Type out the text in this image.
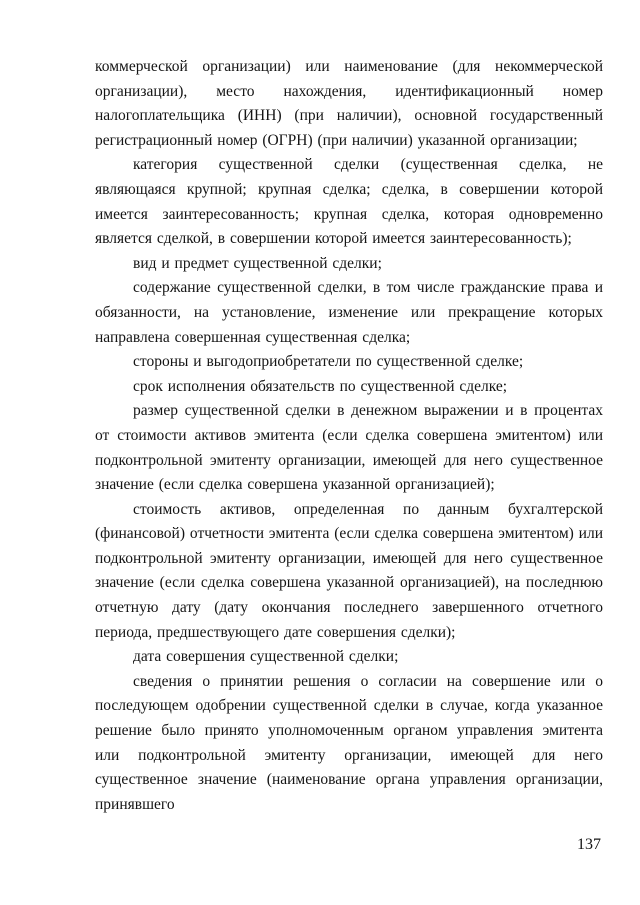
коммерческой организации) или наименование (для некоммерческой организации), место нахождения, идентификационный номер налогоплательщика (ИНН) (при наличии), основной государственный регистрационный номер (ОГРН) (при наличии) указанной организации;

категория существенной сделки (существенная сделка, не являющаяся крупной; крупная сделка; сделка, в совершении которой имеется заинтересованность; крупная сделка, которая одновременно является сделкой, в совершении которой имеется заинтересованность);

вид и предмет существенной сделки;

содержание существенной сделки, в том числе гражданские права и обязанности, на установление, изменение или прекращение которых направлена совершенная существенная сделка;

стороны и выгодоприобретатели по существенной сделке;

срок исполнения обязательств по существенной сделке;

размер существенной сделки в денежном выражении и в процентах от стоимости активов эмитента (если сделка совершена эмитентом) или подконтрольной эмитенту организации, имеющей для него существенное значение (если сделка совершена указанной организацией);

стоимость активов, определенная по данным бухгалтерской (финансовой) отчетности эмитента (если сделка совершена эмитентом) или подконтрольной эмитенту организации, имеющей для него существенное значение (если сделка совершена указанной организацией), на последнюю отчетную дату (дату окончания последнего завершенного отчетного периода, предшествующего дате совершения сделки);

дата совершения существенной сделки;

сведения о принятии решения о согласии на совершение или о последующем одобрении существенной сделки в случае, когда указанное решение было принято уполномоченным органом управления эмитента или подконтрольной эмитенту организации, имеющей для него существенное значение (наименование органа управления организации, принявшего

137
